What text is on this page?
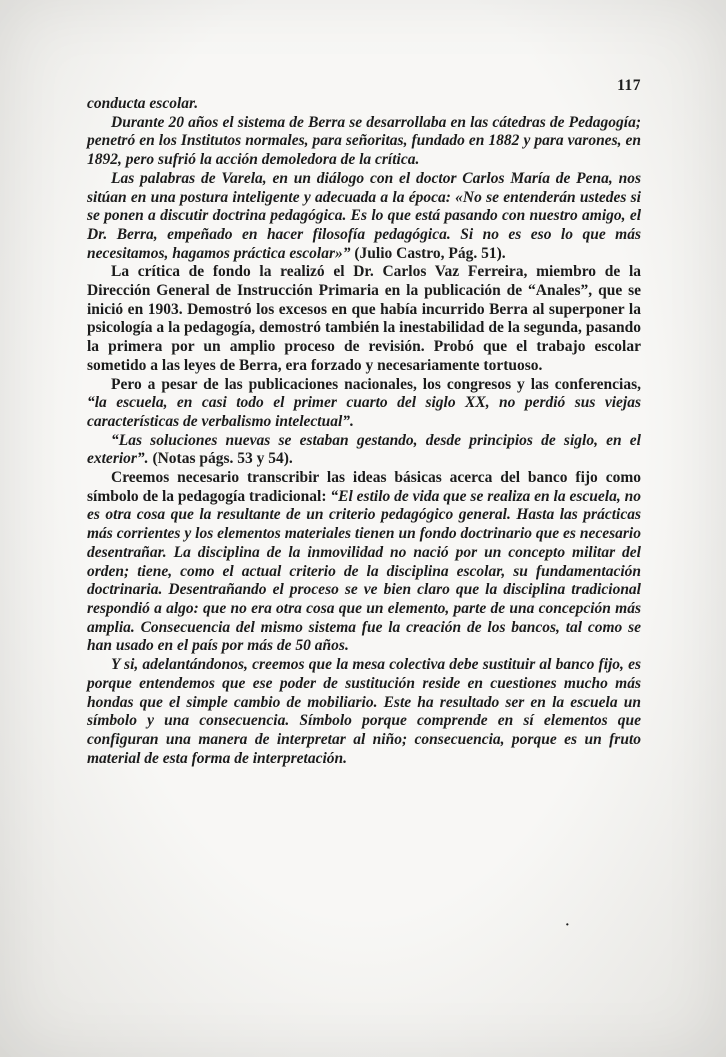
117

conducta escolar.

Durante 20 años el sistema de Berra se desarrollaba en las cátedras de Pedagogía; penetró en los Institutos normales, para señoritas, fundado en 1882 y para varones, en 1892, pero sufrió la acción demoledora de la crítica.

Las palabras de Varela, en un diálogo con el doctor Carlos María de Pena, nos sitúan en una postura inteligente y adecuada a la época: «No se entenderán ustedes si se ponen a discutir doctrina pedagógica. Es lo que está pasando con nuestro amigo, el Dr. Berra, empeñado en hacer filosofía pedagógica. Si no es eso lo que más necesitamos, hagamos práctica escolar»” (Julio Castro, Pág. 51).

La crítica de fondo la realizó el Dr. Carlos Vaz Ferreira, miembro de la Dirección General de Instrucción Primaria en la publicación de “Anales”, que se inició en 1903. Demostró los excesos en que había incurrido Berra al superponer la psicología a la pedagogía, demostró también la inestabilidad de la segunda, pasando la primera por un amplio proceso de revisión. Probó que el trabajo escolar sometido a las leyes de Berra, era forzado y necesariamente tortuoso.

Pero a pesar de las publicaciones nacionales, los congresos y las conferencias, “la escuela, en casi todo el primer cuarto del siglo XX, no perdió sus viejas características de verbalismo intelectual”.

“Las soluciones nuevas se estaban gestando, desde principios de siglo, en el exterior”. (Notas págs. 53 y 54).

Creemos necesario transcribir las ideas básicas acerca del banco fijo como símbolo de la pedagogía tradicional: “El estilo de vida que se realiza en la escuela, no es otra cosa que la resultante de un criterio pedagógico general. Hasta las prácticas más corrientes y los elementos materiales tienen un fondo doctrinario que es necesario desentrañar. La disciplina de la inmovilidad no nació por un concepto militar del orden; tiene, como el actual criterio de la disciplina escolar, su fundamentación doctrinaria. Desentrañando el proceso se ve bien claro que la disciplina tradicional respondió a algo: que no era otra cosa que un elemento, parte de una concepción más amplia. Consecuencia del mismo sistema fue la creación de los bancos, tal como se han usado en el país por más de 50 años.

Y si, adelantándonos, creemos que la mesa colectiva debe sustituir al banco fijo, es porque entendemos que ese poder de sustitución reside en cuestiones mucho más hondas que el simple cambio de mobiliario. Este ha resultado ser en la escuela un símbolo y una consecuencia. Símbolo porque comprende en sí elementos que configuran una manera de interpretar al niño; consecuencia, porque es un fruto material de esta forma de interpretación.

·
